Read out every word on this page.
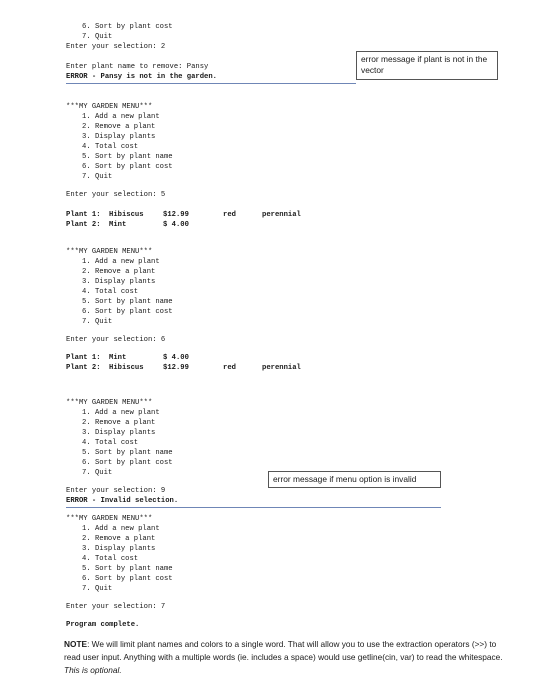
6. Sort by plant cost
7. Quit
Enter your selection: 2
Enter plant name to remove: Pansy
ERROR - Pansy is not in the garden.
error message if plant is not in the vector
***MY GARDEN MENU***
1. Add a new plant
2. Remove a plant
3. Display plants
4. Total cost
5. Sort by plant name
6. Sort by plant cost
7. Quit
Enter your selection: 5
Plant 1: Hibiscus	$12.99	red	perennial
Plant 2: Mint	$ 4.00
***MY GARDEN MENU***
1. Add a new plant
2. Remove a plant
3. Display plants
4. Total cost
5. Sort by plant name
6. Sort by plant cost
7. Quit
Enter your selection: 6
Plant 1: Mint	$ 4.00
Plant 2: Hibiscus	$12.99	red	perennial
***MY GARDEN MENU***
1. Add a new plant
2. Remove a plant
3. Display plants
4. Total cost
5. Sort by plant name
6. Sort by plant cost
7. Quit
error message if menu option is invalid
Enter your selection: 9
ERROR - Invalid selection.
***MY GARDEN MENU***
1. Add a new plant
2. Remove a plant
3. Display plants
4. Total cost
5. Sort by plant name
6. Sort by plant cost
7. Quit
Enter your selection: 7
Program complete.
NOTE: We will limit plant names and colors to a single word. That will allow you to use the extraction operators (>>) to read user input. Anything with a multiple words (ie. includes a space) would use getline(cin, var) to read the whitespace. This is optional.
